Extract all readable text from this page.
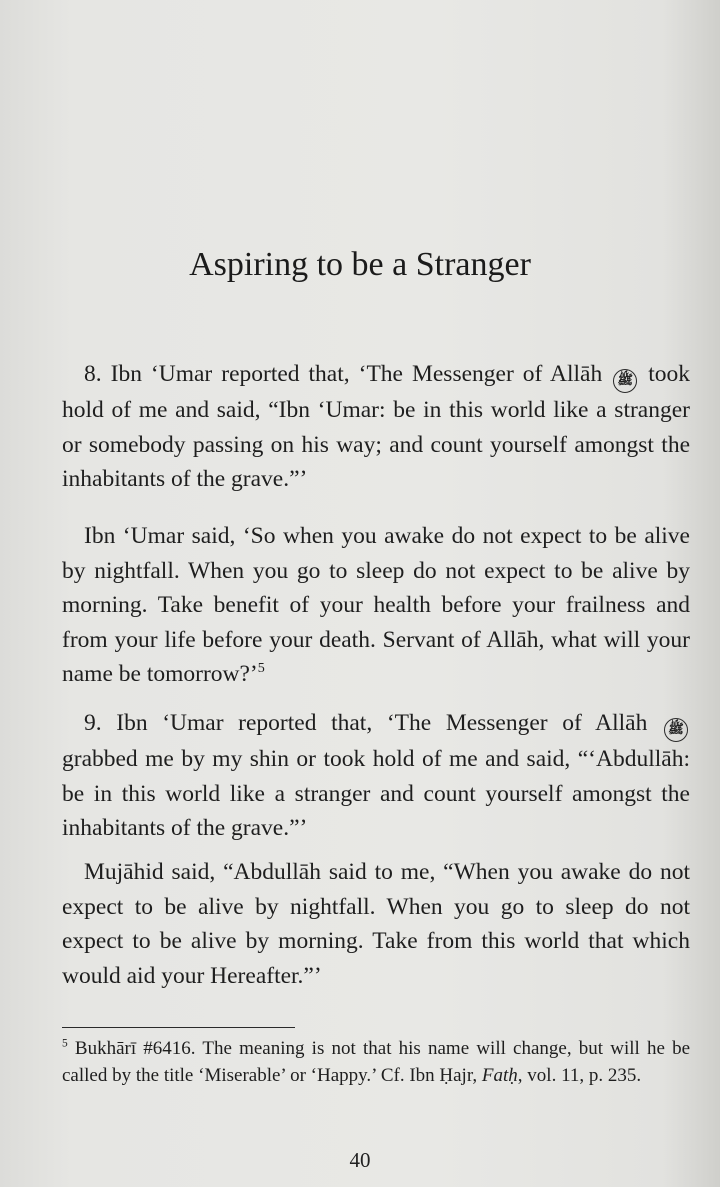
Aspiring to be a Stranger
8. Ibn ‘Umar reported that, ‘The Messenger of Allāh ﷺ took hold of me and said, “Ibn ‘Umar: be in this world like a stranger or somebody passing on his way; and count yourself amongst the inhabitants of the grave.”’
Ibn ‘Umar said, ‘So when you awake do not expect to be alive by nightfall. When you go to sleep do not expect to be alive by morning. Take benefit of your health before your frailness and from your life before your death. Servant of Allāh, what will your name be tomorrow?’$^5$
9. Ibn ‘Umar reported that, ‘The Messenger of Allāh ﷺ grabbed me by my shin or took hold of me and said, “‘Abdullāh: be in this world like a stranger and count yourself amongst the inhabitants of the grave.”’
Mujāhid said, “Abdullāh said to me, “When you awake do not expect to be alive by nightfall. When you go to sleep do not expect to be alive by morning. Take from this world that which would aid your Hereafter.”’
$^5$ Bukhārī #6416. The meaning is not that his name will change, but will he be called by the title ‘Miserable’ or ‘Happy.’ Cf. Ibn Ḥajr, Fatḥ, vol. 11, p. 235.
40
